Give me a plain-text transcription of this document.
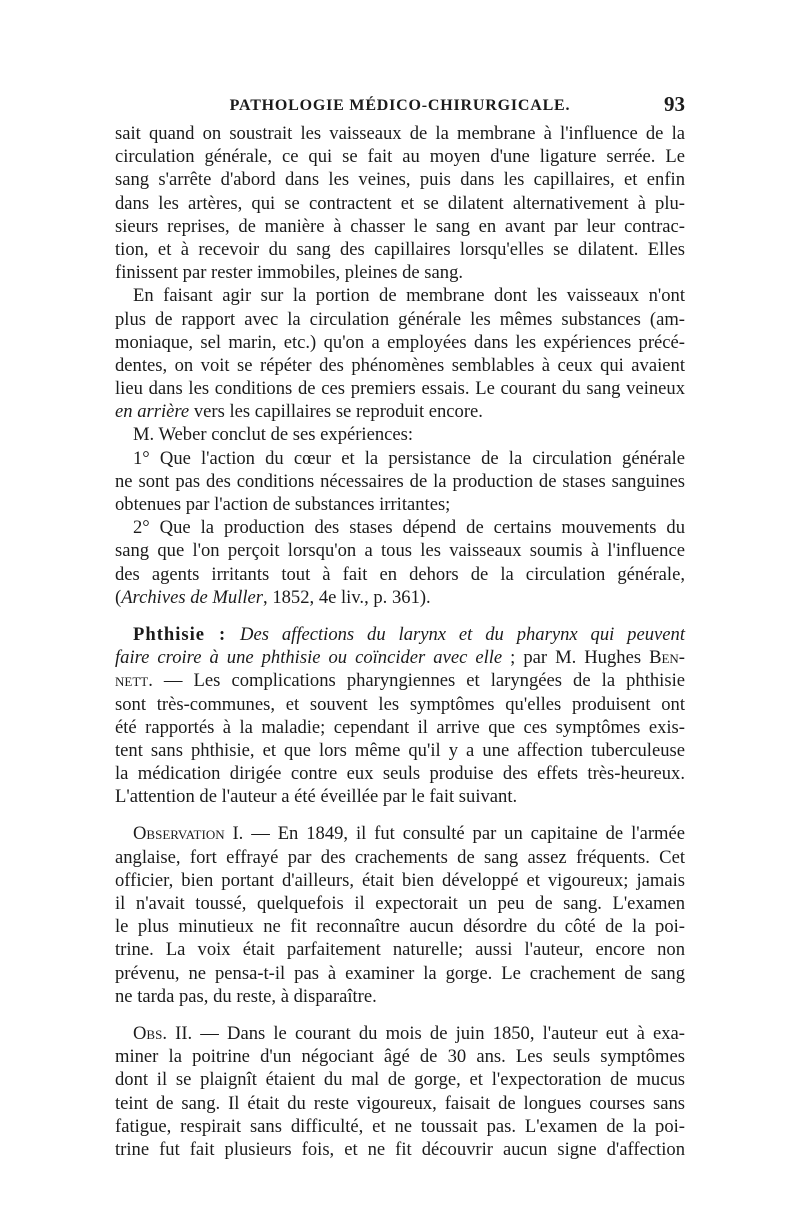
PATHOLOGIE MÉDICO-CHIRURGICALE.	93
sait quand on soustrait les vaisseaux de la membrane à l'influence de la
circulation générale, ce qui se fait au moyen d'une ligature serrée. Le
sang s'arrête d'abord dans les veines, puis dans les capillaires, et enfin
dans les artères, qui se contractent et se dilatent alternativement à plu-
sieurs reprises, de manière à chasser le sang en avant par leur contrac-
tion, et à recevoir du sang des capillaires lorsqu'elles se dilatent. Elles
finissent par rester immobiles, pleines de sang.
En faisant agir sur la portion de membrane dont les vaisseaux n'ont
plus de rapport avec la circulation générale les mêmes substances (am-
moniaque, sel marin, etc.) qu'on a employées dans les expériences précé-
dentes, on voit se répéter des phénomènes semblables à ceux qui avaient
lieu dans les conditions de ces premiers essais. Le courant du sang veineux
en arrière vers les capillaires se reproduit encore.
M. Weber conclut de ses expériences:
1° Que l'action du cœur et la persistance de la circulation générale
ne sont pas des conditions nécessaires de la production de stases sanguines
obtenues par l'action de substances irritantes;
2° Que la production des stases dépend de certains mouvements du
sang que l'on perçoit lorsqu'on a tous les vaisseaux soumis à l'influence
des agents irritants tout à fait en dehors de la circulation générale,
(Archives de Muller, 1852, 4e liv., p. 361).
Phthisie : Des affections du larynx et du pharynx qui peuvent
faire croire à une phthisie ou coïncider avec elle ; par M. Hughes Ben-
nett. — Les complications pharyngiennes et laryngées de la phthisie
sont très-communes, et souvent les symptômes qu'elles produisent ont
été rapportés à la maladie; cependant il arrive que ces symptômes exis-
tent sans phthisie, et que lors même qu'il y a une affection tuberculeuse
la médication dirigée contre eux seuls produise des effets très-heureux.
L'attention de l'auteur a été éveillée par le fait suivant.
Observation I. — En 1849, il fut consulté par un capitaine de l'armée
anglaise, fort effrayé par des crachements de sang assez fréquents. Cet
officier, bien portant d'ailleurs, était bien développé et vigoureux; jamais
il n'avait toussé, quelquefois il expectorait un peu de sang. L'examen
le plus minutieux ne fit reconnaître aucun désordre du côté de la poi-
trine. La voix était parfaitement naturelle; aussi l'auteur, encore non
prévenu, ne pensa-t-il pas à examiner la gorge. Le crachement de sang
ne tarda pas, du reste, à disparaître.
Obs. II. — Dans le courant du mois de juin 1850, l'auteur eut à exa-
miner la poitrine d'un négociant âgé de 30 ans. Les seuls symptômes
dont il se plaignît étaient du mal de gorge, et l'expectoration de mucus
teint de sang. Il était du reste vigoureux, faisait de longues courses sans
fatigue, respirait sans difficulté, et ne toussait pas. L'examen de la poi-
trine fut fait plusieurs fois, et ne fit découvrir aucun signe d'affection
